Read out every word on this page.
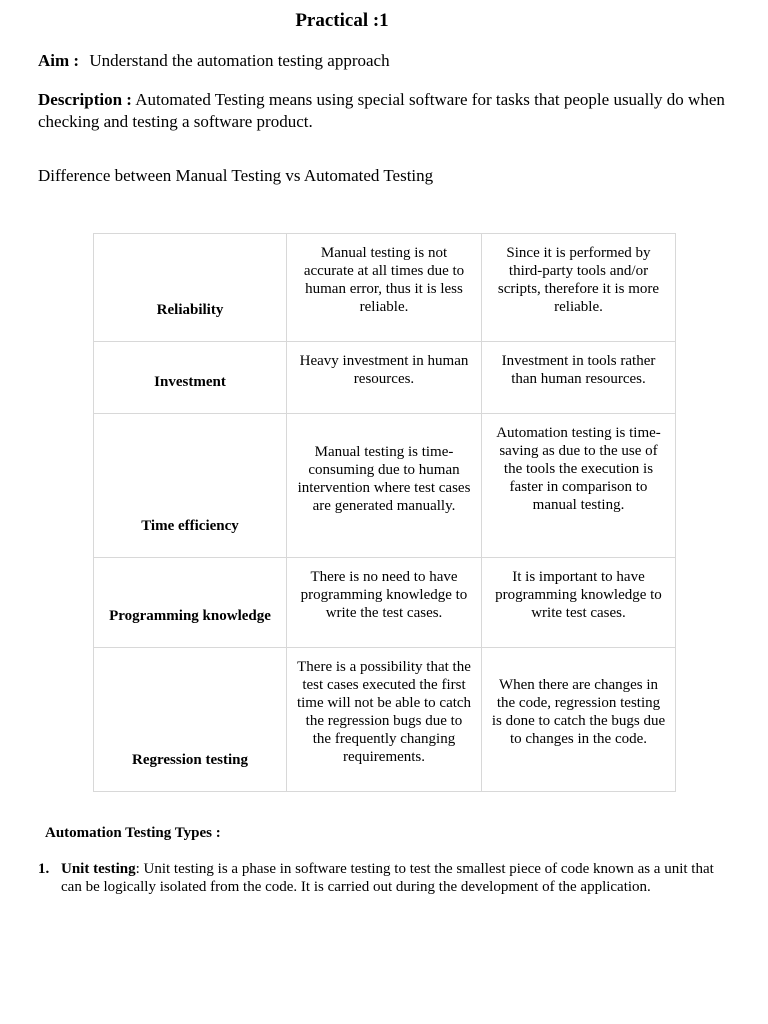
Practical :1
Aim : Understand the automation testing approach
Description : Automated Testing means using special software for tasks that people usually do when checking and testing a software product.
Difference between Manual Testing vs Automated Testing
Reliability	Manual testing is not accurate at all times due to human error, thus it is less reliable.	Since it is performed by third-party tools and/or scripts, therefore it is more reliable.
Investment	Heavy investment in human resources.	Investment in tools rather than human resources.
Time efficiency	Manual testing is time-consuming due to human intervention where test cases are generated manually.	Automation testing is time-saving as due to the use of the tools the execution is faster in comparison to manual testing.
Programming knowledge	There is no need to have programming knowledge to write the test cases.	It is important to have programming knowledge to write test cases.
Regression testing	There is a possibility that the test cases executed the first time will not be able to catch the regression bugs due to the frequently changing requirements.	When there are changes in the code, regression testing is done to catch the bugs due to changes in the code.
Automation Testing Types :
1. Unit testing: Unit testing is a phase in software testing to test the smallest piece of code known as a unit that can be logically isolated from the code. It is carried out during the development of the application.
